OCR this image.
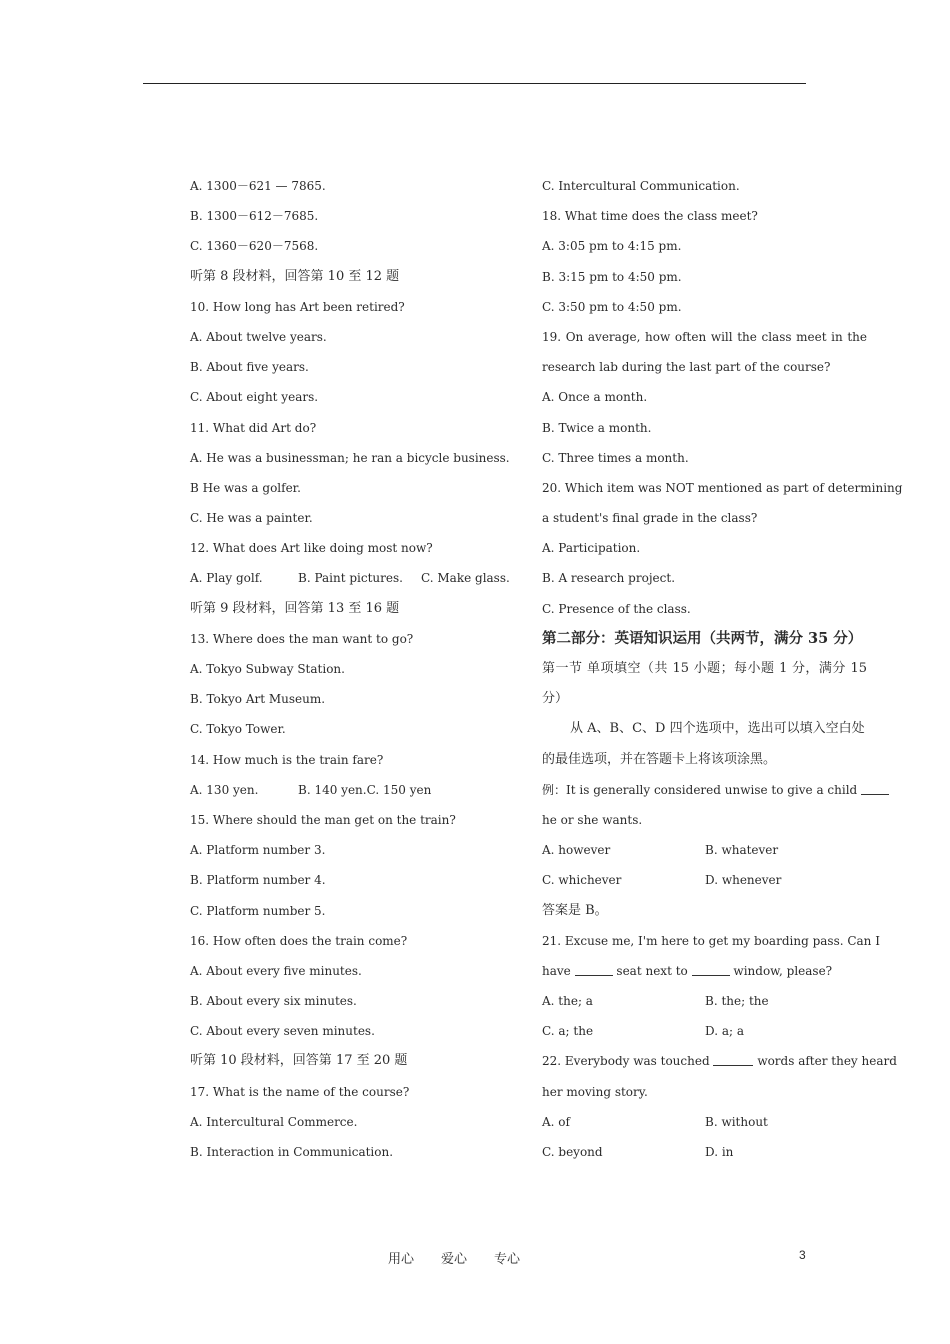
A. 1300－621 — 7865.
B. 1300－612－7685.
C. 1360－620－7568.
听第 8 段材料，回答第 10 至 12 题
10. How long has Art been retired?
A. About twelve years.
B. About five years.
C. About eight years.
11. What did Art do?
A. He was a businessman; he ran a bicycle business.
B He was a golfer.
C. He was a painter.
12. What does Art like doing most now?
A. Play golf.	B. Paint pictures. C. Make glass.
听第 9 段材料，回答第 13 至 16 题
13. Where does the man want to go?
A. Tokyo Subway Station.
B. Tokyo Art Museum.
C. Tokyo Tower.
14. How much is the train fare?
A. 130 yen.	B. 140 yen.C. 150 yen
15. Where should the man get on the train?
A. Platform number 3.
B. Platform number 4.
C. Platform number 5.
16. How often does the train come?
A. About every five minutes.
B. About every six minutes.
C. About every seven minutes.
听第 10 段材料，回答第 17 至 20 题
17. What is the name of the course?
A. Intercultural Commerce.
B. Interaction in Communication.
C. Intercultural Communication.
18. What time does the class meet?
A. 3:05 pm to 4:15 pm.
B. 3:15 pm to 4:50 pm.
C. 3:50 pm to 4:50 pm.
19. On average, how often will the class meet in the
research lab during the last part of the course?
A. Once a month.
B. Twice a month.
C. Three times a month.
20. Which item was NOT mentioned as part of determining
a student's final grade in the class?
A. Participation.
B. A research project.
C. Presence of the class.
第二部分：英语知识运用（共两节，满分 35 分）
第一节 单项填空（共 15 小题；每小题 1 分，满分 15
分）
从 A、B、C、D 四个选项中，选出可以填入空白处
的最佳选项，并在答题卡上将该项涂黑。
例：It is generally considered unwise to give a child
he or she wants.
A. however	B. whatever
C. whichever	D. whenever
答案是 B。
21. Excuse me, I'm here to get my boarding pass. Can I
have	seat next to	window, please?
A. the; a	B. the; the
C. a; the	D. a; a
22. Everybody was touched	words after they heard
her moving story.
A. of	B. without
C. beyond	D. in
用心 爱心 专心	3
